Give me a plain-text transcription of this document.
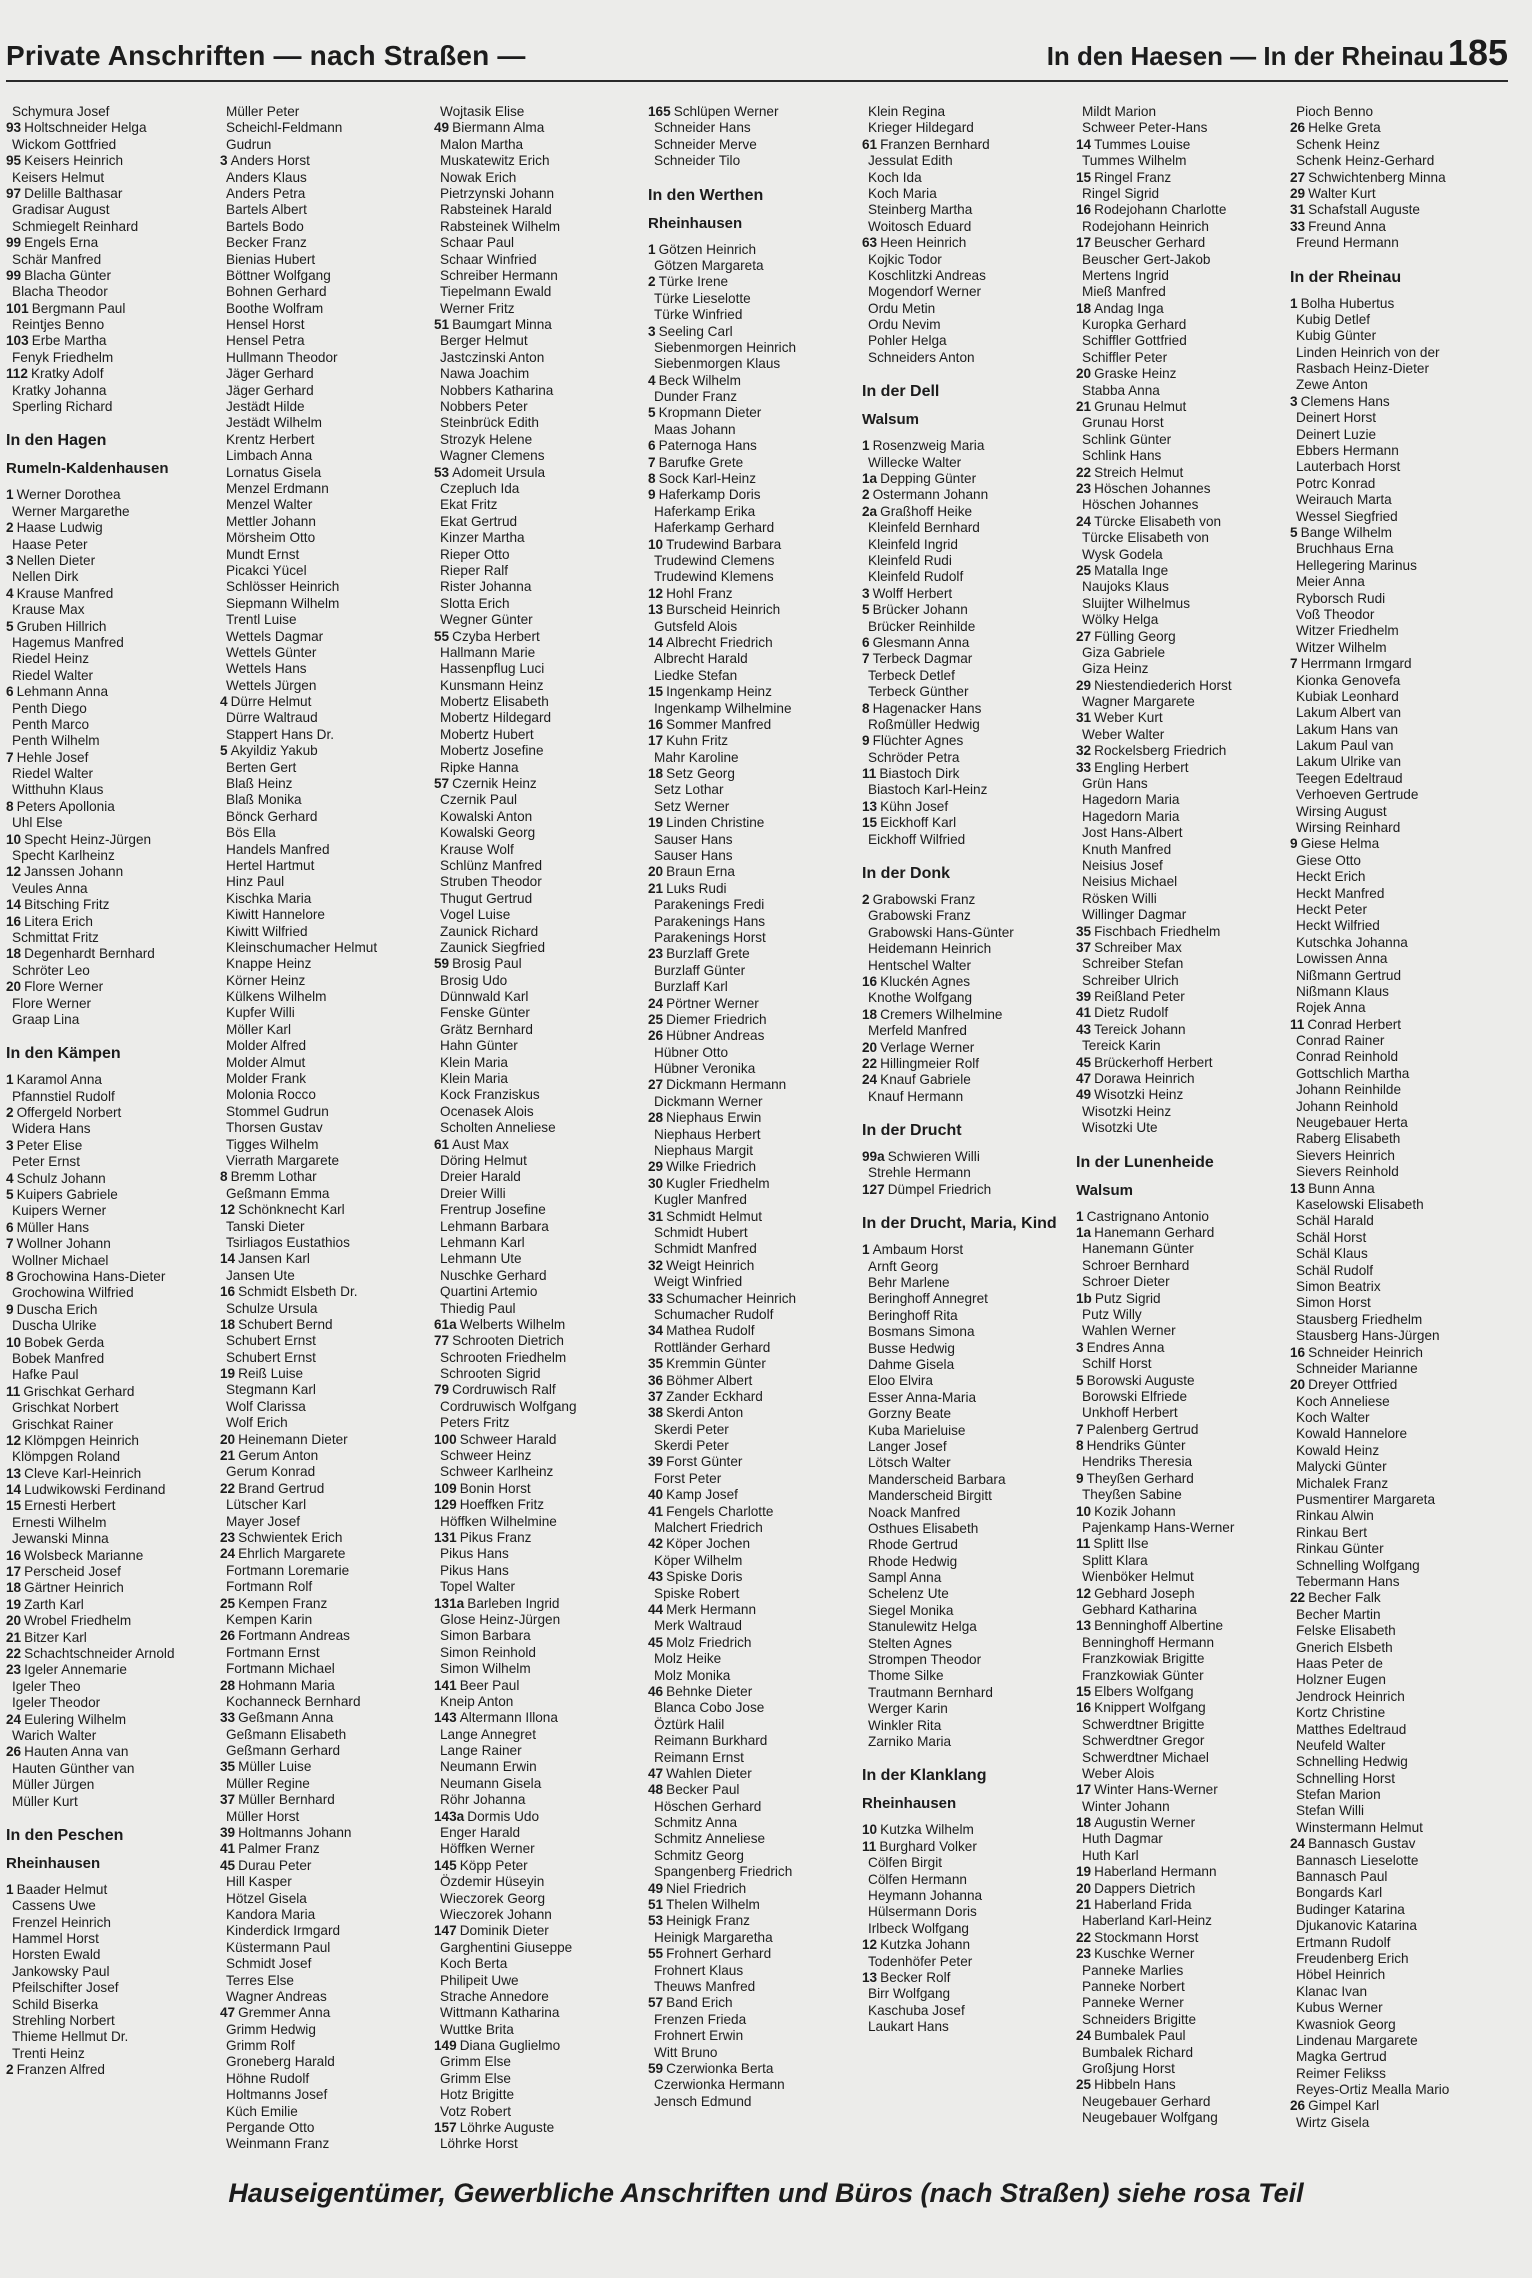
Private Anschriften — nach Straßen —	In den Haesen — In der Rheinau 185
Schymura Josef
93 Holtschneider Helga
Wickom Gottfried
95 Keisers Heinrich
Keisers Helmut
97 Delille Balthasar
Gradisar August
Schmiegelt Reinhard
99 Engels Erna
Schär Manfred
99 Blacha Günter
Blacha Theodor
101 Bergmann Paul
Reintjes Benno
103 Erbe Martha
Fenyk Friedhelm
112 Kratky Adolf
Kratky Johanna
Sperling Richard
In den Hagen
Rumeln-Kaldenhausen
1 Werner Dorothea
Werner Margarethe
2 Haase Ludwig
Haase Peter
3 Nellen Dieter
Nellen Dirk
4 Krause Manfred
Krause Max
5 Gruben Hillrich
Hagemus Manfred
Riedel Heinz
Riedel Walter
6 Lehmann Anna
Penth Diego
Penth Marco
Penth Wilhelm
7 Hehle Josef
Riedel Walter
Witthuhn Klaus
8 Peters Apollonia
Uhl Else
10 Specht Heinz-Jürgen
Specht Karlheinz
12 Janssen Johann
Veules Anna
14 Bitsching Fritz
16 Litera Erich
Schmittat Fritz
18 Degenhardt Bernhard
Schröter Leo
20 Flore Werner
Flore Werner
Graap Lina
In den Kämpen
1 Karamol Anna
Pfannstiel Rudolf
2 Offergeld Norbert
Widera Hans
3 Peter Elise
Peter Ernst
4 Schulz Johann
5 Kuipers Gabriele
Kuipers Werner
6 Müller Hans
7 Wollner Johann
Wollner Michael
8 Grochowina Hans-Dieter
Grochowina Wilfried
9 Duscha Erich
Duscha Ulrike
10 Bobek Gerda
Bobek Manfred
Hafke Paul
11 Grischkat Gerhard
Grischkat Norbert
Grischkat Rainer
12 Klömpgen Heinrich
Klömpgen Roland
13 Cleve Karl-Heinrich
14 Ludwikowski Ferdinand
15 Ernesti Herbert
Ernesti Wilhelm
Jewanski Minna
16 Wolsbeck Marianne
17 Perscheid Josef
18 Gärtner Heinrich
19 Zarth Karl
20 Wrobel Friedhelm
21 Bitzer Karl
22 Schachtschneider Arnold
23 Igeler Annemarie
Igeler Theo
Igeler Theodor
24 Eulering Wilhelm
Warich Walter
26 Hauten Anna van
Hauten Günther van
Müller Jürgen
Müller Kurt
In den Peschen
Rheinhausen
1 Baader Helmut
Cassens Uwe
Frenzel Heinrich
Hammel Horst
Horsten Ewald
Jankowsky Paul
Pfeilschifter Josef
Schild Biserka
Strehling Norbert
Thieme Hellmut Dr.
Trenti Heinz
2 Franzen Alfred
Müller Peter
Scheichl-Feldmann
Gudrun
3 Anders Horst
Anders Klaus
Anders Petra
Bartels Albert
Bartels Bodo
Becker Franz
Bienias Hubert
Böttner Wolfgang
Bohnen Gerhard
Boothe Wolfram
Hensel Horst
Hensel Petra
Hullmann Theodor
Jäger Gerhard
Jäger Gerhard
Jestädt Hilde
Jestädt Wilhelm
Krentz Herbert
Limbach Anna
Lornatus Gisela
Menzel Erdmann
Menzel Walter
Mettler Johann
Mörsheim Otto
Mundt Ernst
Picakci Yücel
Schlösser Heinrich
Siepmann Wilhelm
Trentl Luise
Wettels Dagmar
Wettels Günter
Wettels Hans
Wettels Jürgen
4 Dürre Helmut
Dürre Waltraud
Stappert Hans Dr.
5 Akyildiz Yakub
Berten Gert
Blaß Heinz
Blaß Monika
Bönck Gerhard
Bös Ella
Handels Manfred
Hertel Hartmut
Hinz Paul
Kischka Maria
Kiwitt Hannelore
Kiwitt Wilfried
Kleinschumacher Helmut
Knappe Heinz
Körner Heinz
Külkens Wilhelm
Kupfer Willi
Möller Karl
Molder Alfred
Molder Almut
Molder Frank
Molonia Rocco
Stommel Gudrun
Thorsen Gustav
Tigges Wilhelm
Vierrath Margarete
8 Bremm Lothar
Geßmann Emma
12 Schönknecht Karl
Tanski Dieter
Tsirliagos Eustathios
14 Jansen Karl
Jansen Ute
16 Schmidt Elsbeth Dr.
Schulze Ursula
18 Schubert Bernd
Schubert Ernst
Schubert Ernst
19 Reiß Luise
Stegmann Karl
Wolf Clarissa
Wolf Erich
20 Heinemann Dieter
21 Gerum Anton
Gerum Konrad
22 Brand Gertrud
Lütscher Karl
Mayer Josef
23 Schwientek Erich
24 Ehrlich Margarete
Fortmann Loremarie
Fortmann Rolf
25 Kempen Franz
Kempen Karin
26 Fortmann Andreas
Fortmann Ernst
Fortmann Michael
28 Hohmann Maria
Kochanneck Bernhard
33 Geßmann Anna
Geßmann Elisabeth
Geßmann Gerhard
35 Müller Luise
Müller Regine
37 Müller Bernhard
Müller Horst
39 Holtmanns Johann
41 Palmer Franz
45 Durau Peter
Hill Kasper
Hötzel Gisela
Kandora Maria
Kinderdick Irmgard
Küstermann Paul
Schmidt Josef
Terres Else
Wagner Andreas
47 Gremmer Anna
Grimm Hedwig
Grimm Rolf
Groneberg Harald
Höhne Rudolf
Holtmanns Josef
Küch Emilie
Pergande Otto
Weinmann Franz
Wojtasik Elise
49 Biermann Alma
Malon Martha
Muskatewitz Erich
Nowak Erich
Pietrzynski Johann
Rabsteinek Harald
Rabsteinek Wilhelm
Schaar Paul
Schaar Winfried
Schreiber Hermann
Tiepelmann Ewald
Werner Fritz
51 Baumgart Minna
Berger Helmut
Jastczinski Anton
Nawa Joachim
Nobbers Katharina
Nobbers Peter
Steinbrück Edith
Strozyk Helene
Wagner Clemens
53 Adomeit Ursula
Czepluch Ida
Ekat Fritz
Ekat Gertrud
Kinzer Martha
Rieper Otto
Rieper Ralf
Rister Johanna
Slotta Erich
Wegner Günter
55 Czyba Herbert
Hallmann Marie
Hassenpflug Luci
Kunsmann Heinz
Mobertz Elisabeth
Mobertz Hildegard
Mobertz Hubert
Mobertz Josefine
Ripke Hanna
57 Czernik Heinz
Czernik Paul
Kowalski Anton
Kowalski Georg
Krause Wolf
Schlünz Manfred
Struben Theodor
Thugut Gertrud
Vogel Luise
Zaunick Richard
Zaunick Siegfried
59 Brosig Paul
Brosig Udo
Dünnwald Karl
Fenske Günter
Grätz Bernhard
Hahn Günter
Klein Maria
Klein Maria
Kock Franziskus
Ocenasek Alois
Scholten Anneliese
61 Aust Max
Döring Helmut
Dreier Harald
Dreier Willi
Frentrup Josefine
Lehmann Barbara
Lehmann Karl
Lehmann Ute
Nuschke Gerhard
Quartini Artemio
Thiedig Paul
61a Welberts Wilhelm
77 Schrooten Dietrich
Schrooten Friedhelm
Schrooten Sigrid
79 Cordruwisch Ralf
Cordruwisch Wolfgang
Peters Fritz
100 Schweer Harald
Schweer Heinz
Schweer Karlheinz
109 Bonin Horst
129 Hoeffken Fritz
Höffken Wilhelmine
131 Pikus Franz
Pikus Hans
Pikus Hans
Topel Walter
131a Barleben Ingrid
Glose Heinz-Jürgen
Simon Barbara
Simon Reinhold
Simon Wilhelm
141 Beer Paul
Kneip Anton
143 Altermann Illona
Lange Annegret
Lange Rainer
Neumann Erwin
Neumann Gisela
Röhr Johanna
143a Dormis Udo
Enger Harald
Höffken Werner
145 Köpp Peter
Özdemir Hüseyin
Wieczorek Georg
Wieczorek Johann
147 Dominik Dieter
Garghentini Giuseppe
Koch Berta
Philipeit Uwe
Strache Annedore
Wittmann Katharina
Wuttke Brita
149 Diana Guglielmo
Grimm Else
Grimm Else
Hotz Brigitte
Votz Robert
157 Löhrke Auguste
Löhrke Horst
165 Schlüpen Werner
Schneider Hans
Schneider Merve
Schneider Tilo
In den Werthen
Rheinhausen
1 Götzen Heinrich
Götzen Margareta
2 Türke Irene
Türke Lieselotte
Türke Winfried
3 Seeling Carl
Siebenmorgen Heinrich
Siebenmorgen Klaus
4 Beck Wilhelm
Dunder Franz
5 Kropmann Dieter
Maas Johann
6 Paternoga Hans
7 Barufke Grete
8 Sock Karl-Heinz
9 Haferkamp Doris
Haferkamp Erika
Haferkamp Gerhard
10 Trudewind Barbara
Trudewind Clemens
Trudewind Klemens
12 Hohl Franz
13 Burscheid Heinrich
Gutsfeld Alois
14 Albrecht Friedrich
Albrecht Harald
Liedke Stefan
15 Ingenkamp Heinz
Ingenkamp Wilhelmine
16 Sommer Manfred
17 Kuhn Fritz
Mahr Karoline
18 Setz Georg
Setz Lothar
Setz Werner
19 Linden Christine
Sauser Hans
Sauser Hans
20 Braun Erna
21 Luks Rudi
Parakenings Fredi
Parakenings Hans
Parakenings Horst
23 Burzlaff Grete
Burzlaff Günter
Burzlaff Karl
24 Pörtner Werner
25 Diemer Friedrich
26 Hübner Andreas
Hübner Otto
Hübner Veronika
27 Dickmann Hermann
Dickmann Werner
28 Niephaus Erwin
Niephaus Herbert
Niephaus Margit
29 Wilke Friedrich
30 Kugler Friedhelm
Kugler Manfred
31 Schmidt Helmut
Schmidt Hubert
Schmidt Manfred
32 Weigt Heinrich
Weigt Winfried
33 Schumacher Heinrich
Schumacher Rudolf
34 Mathea Rudolf
Rottländer Gerhard
35 Kremmin Günter
36 Böhmer Albert
37 Zander Eckhard
38 Skerdi Anton
Skerdi Peter
Skerdi Peter
39 Forst Günter
Forst Peter
40 Kamp Josef
41 Fengels Charlotte
Malchert Friedrich
42 Köper Jochen
Köper Wilhelm
43 Spiske Doris
Spiske Robert
44 Merk Hermann
Merk Waltraud
45 Molz Friedrich
Molz Heike
Molz Monika
46 Behnke Dieter
Blanca Cobo Jose
Öztürk Halil
Reimann Burkhard
Reimann Ernst
47 Wahlen Dieter
48 Becker Paul
Höschen Gerhard
Schmitz Anna
Schmitz Anneliese
Schmitz Georg
Spangenberg Friedrich
49 Niel Friedrich
51 Thelen Wilhelm
53 Heinigk Franz
Heinigk Margaretha
55 Frohnert Gerhard
Frohnert Klaus
Theuws Manfred
57 Band Erich
Frenzen Frieda
Frohnert Erwin
Witt Bruno
59 Czerwionka Berta
Czerwionka Hermann
Jensch Edmund
Klein Regina
Krieger Hildegard
61 Franzen Bernhard
Jessulat Edith
Koch Ida
Koch Maria
Steinberg Martha
Woitosch Eduard
63 Heen Heinrich
Kojkic Todor
Koschlitzki Andreas
Mogendorf Werner
Ordu Metin
Ordu Nevim
Pohler Helga
Schneiders Anton
In der Dell
Walsum
1 Rosenzweig Maria
Willecke Walter
1a Depping Günter
2 Ostermann Johann
2a Graßhoff Heike
Kleinfeld Bernhard
Kleinfeld Ingrid
Kleinfeld Rudi
Kleinfeld Rudolf
3 Wolff Herbert
5 Brücker Johann
Brücker Reinhilde
6 Glesmann Anna
7 Terbeck Dagmar
Terbeck Detlef
Terbeck Günther
8 Hagenacker Hans
Roßmüller Hedwig
9 Flüchter Agnes
Schröder Petra
11 Biastoch Dirk
Biastoch Karl-Heinz
13 Kühn Josef
15 Eickhoff Karl
Eickhoff Wilfried
In der Donk
2 Grabowski Franz
Grabowski Franz
Grabowski Hans-Günter
Heidemann Heinrich
Hentschel Walter
16 Kluckén Agnes
Knothe Wolfgang
18 Cremers Wilhelmine
Merfeld Manfred
20 Verlage Werner
22 Hillingmeier Rolf
24 Knauf Gabriele
Knauf Hermann
In der Drucht
99a Schwieren Willi
Strehle Hermann
127 Dümpel Friedrich
In der Drucht, Maria, Kind
1 Ambaum Horst
Arnft Georg
Behr Marlene
Beringhoff Annegret
Beringhoff Rita
Bosmans Simona
Busse Hedwig
Dahme Gisela
Eloo Elvira
Esser Anna-Maria
Gorzny Beate
Kuba Marieluise
Langer Josef
Lötsch Walter
Manderscheid Barbara
Manderscheid Birgitt
Noack Manfred
Osthues Elisabeth
Rhode Gertrud
Rhode Hedwig
Sampl Anna
Schelenz Ute
Siegel Monika
Stanulewitz Helga
Stelten Agnes
Strompen Theodor
Thome Silke
Trautmann Bernhard
Werger Karin
Winkler Rita
Zarniko Maria
In der Klanklang
Rheinhausen
10 Kutzka Wilhelm
11 Burghard Volker
Cölfen Birgit
Cölfen Hermann
Heymann Johanna
Hülsermann Doris
Irlbeck Wolfgang
12 Kutzka Johann
Todenhöfer Peter
13 Becker Rolf
Birr Wolfgang
Kaschuba Josef
Laukart Hans
Mildt Marion
Schweer Peter-Hans
14 Tummes Louise
Tummes Wilhelm
15 Ringel Franz
Ringel Sigrid
16 Rodejohann Charlotte
Rodejohann Heinrich
17 Beuscher Gerhard
Beuscher Gert-Jakob
Mertens Ingrid
Mieß Manfred
18 Andag Inga
Kuropka Gerhard
Schiffler Gottfried
Schiffler Peter
20 Graske Heinz
Stabba Anna
21 Grunau Helmut
Grunau Horst
Schlink Günter
Schlink Hans
22 Streich Helmut
23 Höschen Johannes
Höschen Johannes
24 Türcke Elisabeth von
Türcke Elisabeth von
Wysk Godela
25 Matalla Inge
Naujoks Klaus
Sluijter Wilhelmus
Wölky Helga
27 Fülling Georg
Giza Gabriele
Giza Heinz
29 Niestendiederich Horst
Wagner Margarete
31 Weber Kurt
Weber Walter
32 Rockelsberg Friedrich
33 Engling Herbert
Grün Hans
Hagedorn Maria
Hagedorn Maria
Jost Hans-Albert
Knuth Manfred
Neisius Josef
Neisius Michael
Rösken Willi
Willinger Dagmar
35 Fischbach Friedhelm
37 Schreiber Max
Schreiber Stefan
Schreiber Ulrich
39 Reißland Peter
41 Dietz Rudolf
43 Tereick Johann
Tereick Karin
45 Brückerhoff Herbert
47 Dorawa Heinrich
49 Wisotzki Heinz
Wisotzki Heinz
Wisotzki Ute
In der Lunenheide
Walsum
1 Castrignano Antonio
1a Hanemann Gerhard
Hanemann Günter
Schroer Bernhard
Schroer Dieter
1b Putz Sigrid
Putz Willy
Wahlen Werner
3 Endres Anna
Schilf Horst
5 Borowski Auguste
Borowski Elfriede
Unkhoff Herbert
7 Palenberg Gertrud
8 Hendriks Günter
Hendriks Theresia
9 Theyßen Gerhard
Theyßen Sabine
10 Kozik Johann
Pajenkamp Hans-Werner
11 Splitt Ilse
Splitt Klara
Wienböker Helmut
12 Gebhard Joseph
Gebhard Katharina
13 Benninghoff Albertine
Benninghoff Hermann
Franzkowiak Brigitte
Franzkowiak Günter
15 Elbers Wolfgang
16 Knippert Wolfgang
Schwerdtner Brigitte
Schwerdtner Gregor
Schwerdtner Michael
Weber Alois
17 Winter Hans-Werner
Winter Johann
18 Augustin Werner
Huth Dagmar
Huth Karl
19 Haberland Hermann
20 Dappers Dietrich
21 Haberland Frida
Haberland Karl-Heinz
22 Stockmann Horst
23 Kuschke Werner
Panneke Marlies
Panneke Norbert
Panneke Werner
Schneiders Brigitte
24 Bumbalek Paul
Bumbalek Richard
Großjung Horst
25 Hibbeln Hans
Neugebauer Gerhard
Neugebauer Wolfgang
Pioch Benno
26 Helke Greta
Schenk Heinz
Schenk Heinz-Gerhard
27 Schwichtenberg Minna
29 Walter Kurt
31 Schafstall Auguste
33 Freund Anna
Freund Hermann
In der Rheinau
1 Bolha Hubertus
Kubig Detlef
Kubig Günter
Linden Heinrich von der
Rasbach Heinz-Dieter
Zewe Anton
3 Clemens Hans
Deinert Horst
Deinert Luzie
Ebbers Hermann
Lauterbach Horst
Potrc Konrad
Weirauch Marta
Wessel Siegfried
5 Bange Wilhelm
Bruchhaus Erna
Hellegering Marinus
Meier Anna
Ryborsch Rudi
Voß Theodor
Witzer Friedhelm
Witzer Wilhelm
7 Herrmann Irmgard
Kionka Genovefa
Kubiak Leonhard
Lakum Albert van
Lakum Hans van
Lakum Paul van
Lakum Ulrike van
Teegen Edeltraud
Verhoeven Gertrude
Wirsing August
Wirsing Reinhard
9 Giese Helma
Giese Otto
Heckt Erich
Heckt Manfred
Heckt Peter
Heckt Wilfried
Kutschka Johanna
Lowissen Anna
Nißmann Gertrud
Nißmann Klaus
Rojek Anna
11 Conrad Herbert
Conrad Rainer
Conrad Reinhold
Gottschlich Martha
Johann Reinhilde
Johann Reinhold
Neugebauer Herta
Raberg Elisabeth
Sievers Heinrich
Sievers Reinhold
13 Bunn Anna
Kaselowski Elisabeth
Schäl Harald
Schäl Horst
Schäl Klaus
Schäl Rudolf
Simon Beatrix
Simon Horst
Stausberg Friedhelm
Stausberg Hans-Jürgen
16 Schneider Heinrich
Schneider Marianne
20 Dreyer Ottfried
Koch Anneliese
Koch Walter
Kowald Hannelore
Kowald Heinz
Malycki Günter
Michalek Franz
Pusmentirer Margareta
Rinkau Alwin
Rinkau Bert
Rinkau Günter
Schnelling Wolfgang
Tebermann Hans
22 Becher Falk
Becher Martin
Felske Elisabeth
Gnerich Elsbeth
Haas Peter de
Holzner Eugen
Jendrock Heinrich
Kortz Christine
Matthes Edeltraud
Neufeld Walter
Schnelling Hedwig
Schnelling Horst
Stefan Marion
Stefan Willi
Winstermann Helmut
24 Bannasch Gustav
Bannasch Lieselotte
Bannasch Paul
Bongards Karl
Budinger Katarina
Djukanovic Katarina
Ertmann Rudolf
Freudenberg Erich
Höbel Heinrich
Klanac Ivan
Kubus Werner
Kwasniok Georg
Lindenau Margarete
Magka Gertrud
Reimer Felikss
Reyes-Ortiz Mealla Mario
26 Gimpel Karl
Wirtz Gisela
Hauseigentümer, Gewerbliche Anschriften und Büros (nach Straßen) siehe rosa Teil
